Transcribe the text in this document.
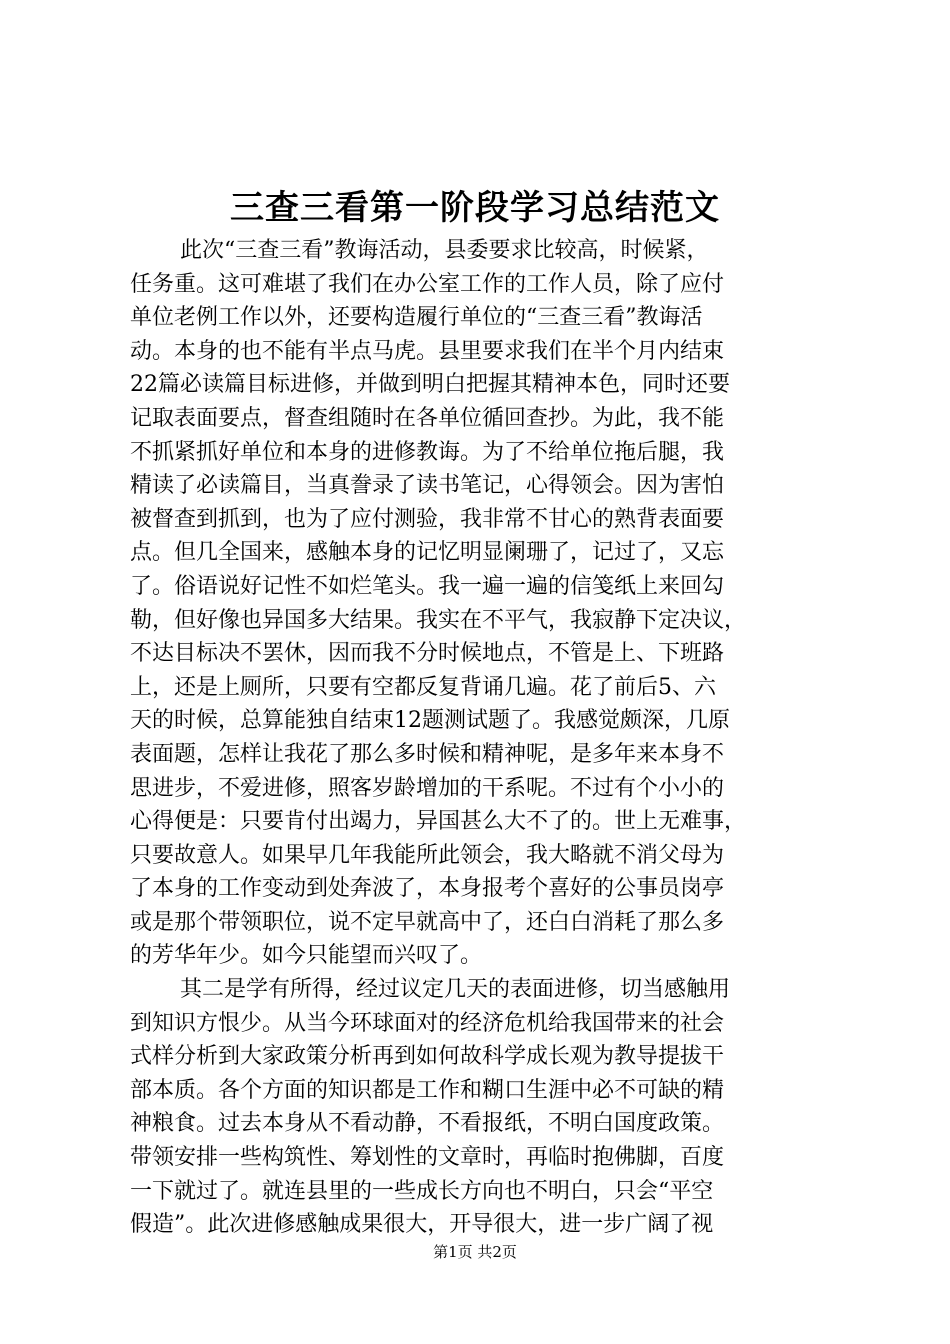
三查三看第一阶段学习总结范文
此次“三查三看”教诲活动，县委要求比较高，时候紧，
任务重。这可难堪了我们在办公室工作的工作人员，除了应付
单位老例工作以外，还要构造履行单位的“三查三看”教诲活
动。本身的也不能有半点马虎。县里要求我们在半个月内结束
22篇必读篇目标进修，并做到明白把握其精神本色，同时还要
记取表面要点，督查组随时在各单位循回查抄。为此，我不能
不抓紧抓好单位和本身的进修教诲。为了不给单位拖后腿，我
精读了必读篇目，当真誊录了读书笔记，心得领会。因为害怕
被督查到抓到，也为了应付测验，我非常不甘心的熟背表面要
点。但几全国来，感触本身的记忆明显阑珊了，记过了，又忘
了。俗语说好记性不如烂笔头。我一遍一遍的信笺纸上来回勾
勒，但好像也异国多大结果。我实在不平气，我寂静下定决议，
不达目标决不罢休，因而我不分时候地点，不管是上、下班路
上，还是上厕所，只要有空都反复背诵几遍。花了前后5、六
天的时候，总算能独自结束12题测试题了。我感觉颇深，几原
表面题，怎样让我花了那么多时候和精神呢，是多年来本身不
思进步，不爱进修，照客岁龄增加的干系呢。不过有个小小的
心得便是：只要肯付出竭力，异国甚么大不了的。世上无难事，
只要故意人。如果早几年我能所此领会，我大略就不消父母为
了本身的工作变动到处奔波了，本身报考个喜好的公事员岗亭
或是那个带领职位，说不定早就高中了，还白白消耗了那么多
的芳华年少。如今只能望而兴叹了。
其二是学有所得，经过议定几天的表面进修，切当感触用
到知识方恨少。从当今环球面对的经济危机给我国带来的社会
式样分析到大家政策分析再到如何故科学成长观为教导提拔干
部本质。各个方面的知识都是工作和糊口生涯中必不可缺的精
神粮食。过去本身从不看动静，不看报纸，不明白国度政策。
带领安排一些构筑性、筹划性的文章时，再临时抱佛脚，百度
一下就过了。就连县里的一些成长方向也不明白，只会“平空
假造”。此次进修感触成果很大，开导很大，进一步广阔了视
第1页 共2页
